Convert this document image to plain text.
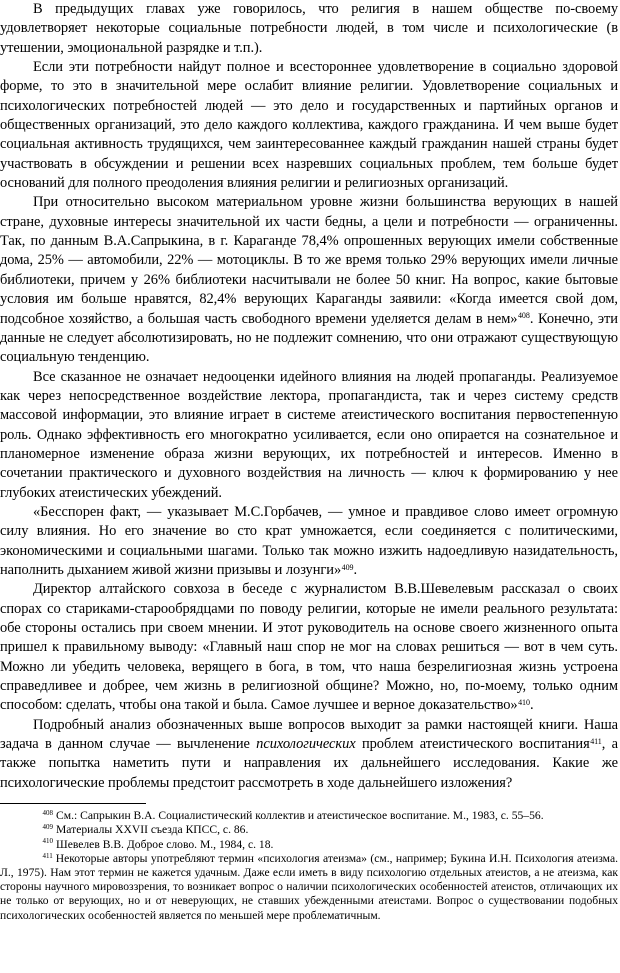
В предыдущих главах уже говорилось, что религия в нашем обществе по-своему удовлетворяет некоторые социальные потребности людей, в том числе и психологические (в утешении, эмоциональной разрядке и т.п.).

Если эти потребности найдут полное и всестороннее удовлетворение в социально здоровой форме, то это в значительной мере ослабит влияние религии. Удовлетворение социальных и психологических потребностей людей — это дело и государственных и партийных органов и общественных организаций, это дело каждого коллектива, каждого гражданина. И чем выше будет социальная активность трудящихся, чем заинтересованнее каждый гражданин нашей страны будет участвовать в обсуждении и решении всех назревших социальных проблем, тем больше будет оснований для полного преодоления влияния религии и религиозных организаций.

При относительно высоком материальном уровне жизни большинства верующих в нашей стране, духовные интересы значительной их части бедны, а цели и потребности — ограниченны. Так, по данным В.А.Сапрыкина, в г. Караганде 78,4% опрошенных верующих имели собственные дома, 25% — автомобили, 22% — мотоциклы. В то же время только 29% верующих имели личные библиотеки, причем у 26% библиотеки насчитывали не более 50 книг. На вопрос, какие бытовые условия им больше нравятся, 82,4% верующих Караганды заявили: «Когда имеется свой дом, подсобное хозяйство, а большая часть свободного времени уделяется делам в нем»$^{408}$. Конечно, эти данные не следует абсолютизировать, но не подлежит сомнению, что они отражают существующую социальную тенденцию.

Все сказанное не означает недооценки идейного влияния на людей пропаганды. Реализуемое как через непосредственное воздействие лектора, пропагандиста, так и через систему средств массовой информации, это влияние играет в системе атеистического воспитания первостепенную роль. Однако эффективность его многократно усиливается, если оно опирается на сознательное и планомерное изменение образа жизни верующих, их потребностей и интересов. Именно в сочетании практического и духовного воздействия на личность — ключ к формированию у нее глубоких атеистических убеждений.

«Бесспорен факт, — указывает М.С.Горбачев, — умное и правдивое слово имеет огромную силу влияния. Но его значение во сто крат умножается, если соединяется с политическими, экономическими и социальными шагами. Только так можно изжить надоедливую назидательность, наполнить дыханием живой жизни призывы и лозунги»$^{409}$.

Директор алтайского совхоза в беседе с журналистом В.В.Шевелевым рассказал о своих спорах со стариками-старообрядцами по поводу религии, которые не имели реального результата: обе стороны остались при своем мнении. И этот руководитель на основе своего жизненного опыта пришел к правильному выводу: «Главный наш спор не мог на словах решиться — вот в чем суть. Можно ли убедить человека, верящего в бога, в том, что наша безрелигиозная жизнь устроена справедливее и добрее, чем жизнь в религиозной общине? Можно, но, по-моему, только одним способом: сделать, чтобы она такой и была. Самое лучшее и верное доказательство»$^{410}$.

Подробный анализ обозначенных выше вопросов выходит за рамки настоящей книги. Наша задача в данном случае — вычленение психологических проблем атеистического воспитания$^{411}$, а также попытка наметить пути и направления их дальнейшего исследования. Какие же психологические проблемы предстоит рассмотреть в ходе дальнейшего изложения?

$^{408}$ См.: Сапрыкин В.А. Социалистический коллектив и атеистическое воспитание. М., 1983, с. 55–56.

$^{409}$ Материалы XXVII съезда КПСС, с. 86.

$^{410}$ Шевелев В.В. Доброе слово. М., 1984, с. 18.

$^{411}$ Некоторые авторы употребляют термин «психология атеизма» (см., например; Букина И.Н. Психология атеизма. Л., 1975). Нам этот термин не кажется удачным. Даже если иметь в виду психологию отдельных атеистов, а не атеизма, как стороны научного мировоззрения, то возникает вопрос о наличии психологических особенностей атеистов, отличающих их не только от верующих, но и от неверующих, не ставших убежденными атеистами. Вопрос о существовании подобных психологических особенностей является по меньшей мере проблематичным.
